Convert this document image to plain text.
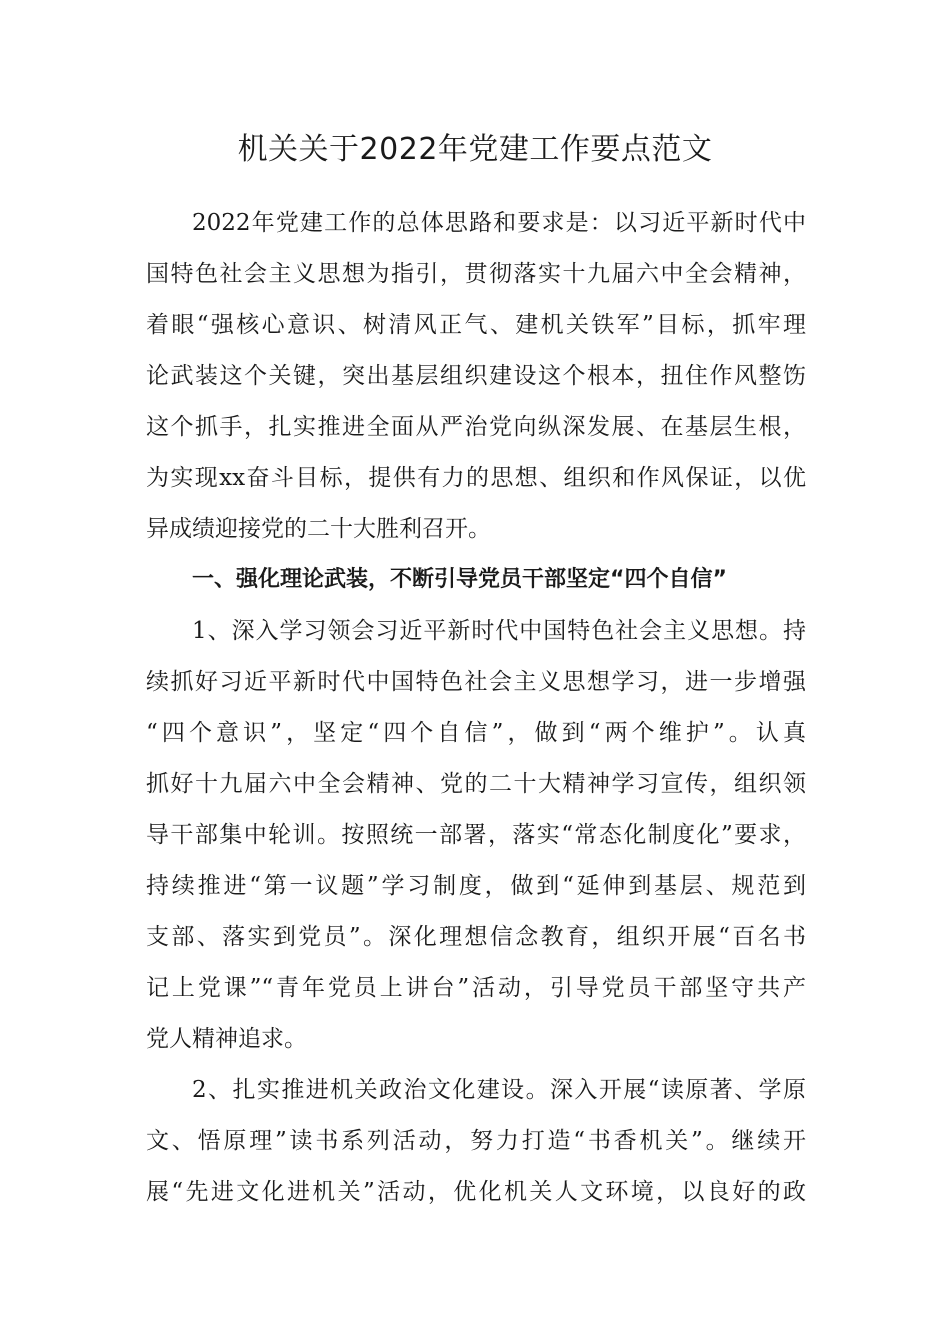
机关关于2022年党建工作要点范文
2022年党建工作的总体思路和要求是：以习近平新时代中
国特色社会主义思想为指引，贯彻落实十九届六中全会精神，
着眼“强核心意识、树清风正气、建机关铁军”目标，抓牢理
论武装这个关键，突出基层组织建设这个根本，扭住作风整饬
这个抓手，扎实推进全面从严治党向纵深发展、在基层生根，
为实现xx奋斗目标，提供有力的思想、组织和作风保证，以优
异成绩迎接党的二十大胜利召开。
一、强化理论武装，不断引导党员干部坚定“四个自信”
1、深入学习领会习近平新时代中国特色社会主义思想。持
续抓好习近平新时代中国特色社会主义思想学习，进一步增强
“四个意识”，坚定“四个自信”，做到“两个维护”。认真
抓好十九届六中全会精神、党的二十大精神学习宣传，组织领
导干部集中轮训。按照统一部署，落实“常态化制度化”要求，
持续推进“第一议题”学习制度，做到“延伸到基层、规范到
支部、落实到党员”。深化理想信念教育，组织开展“百名书
记上党课”“青年党员上讲台”活动，引导党员干部坚守共产
党人精神追求。
2、扎实推进机关政治文化建设。深入开展“读原著、学原
文、悟原理”读书系列活动，努力打造“书香机关”。继续开
展“先进文化进机关”活动，优化机关人文环境，以良好的政
